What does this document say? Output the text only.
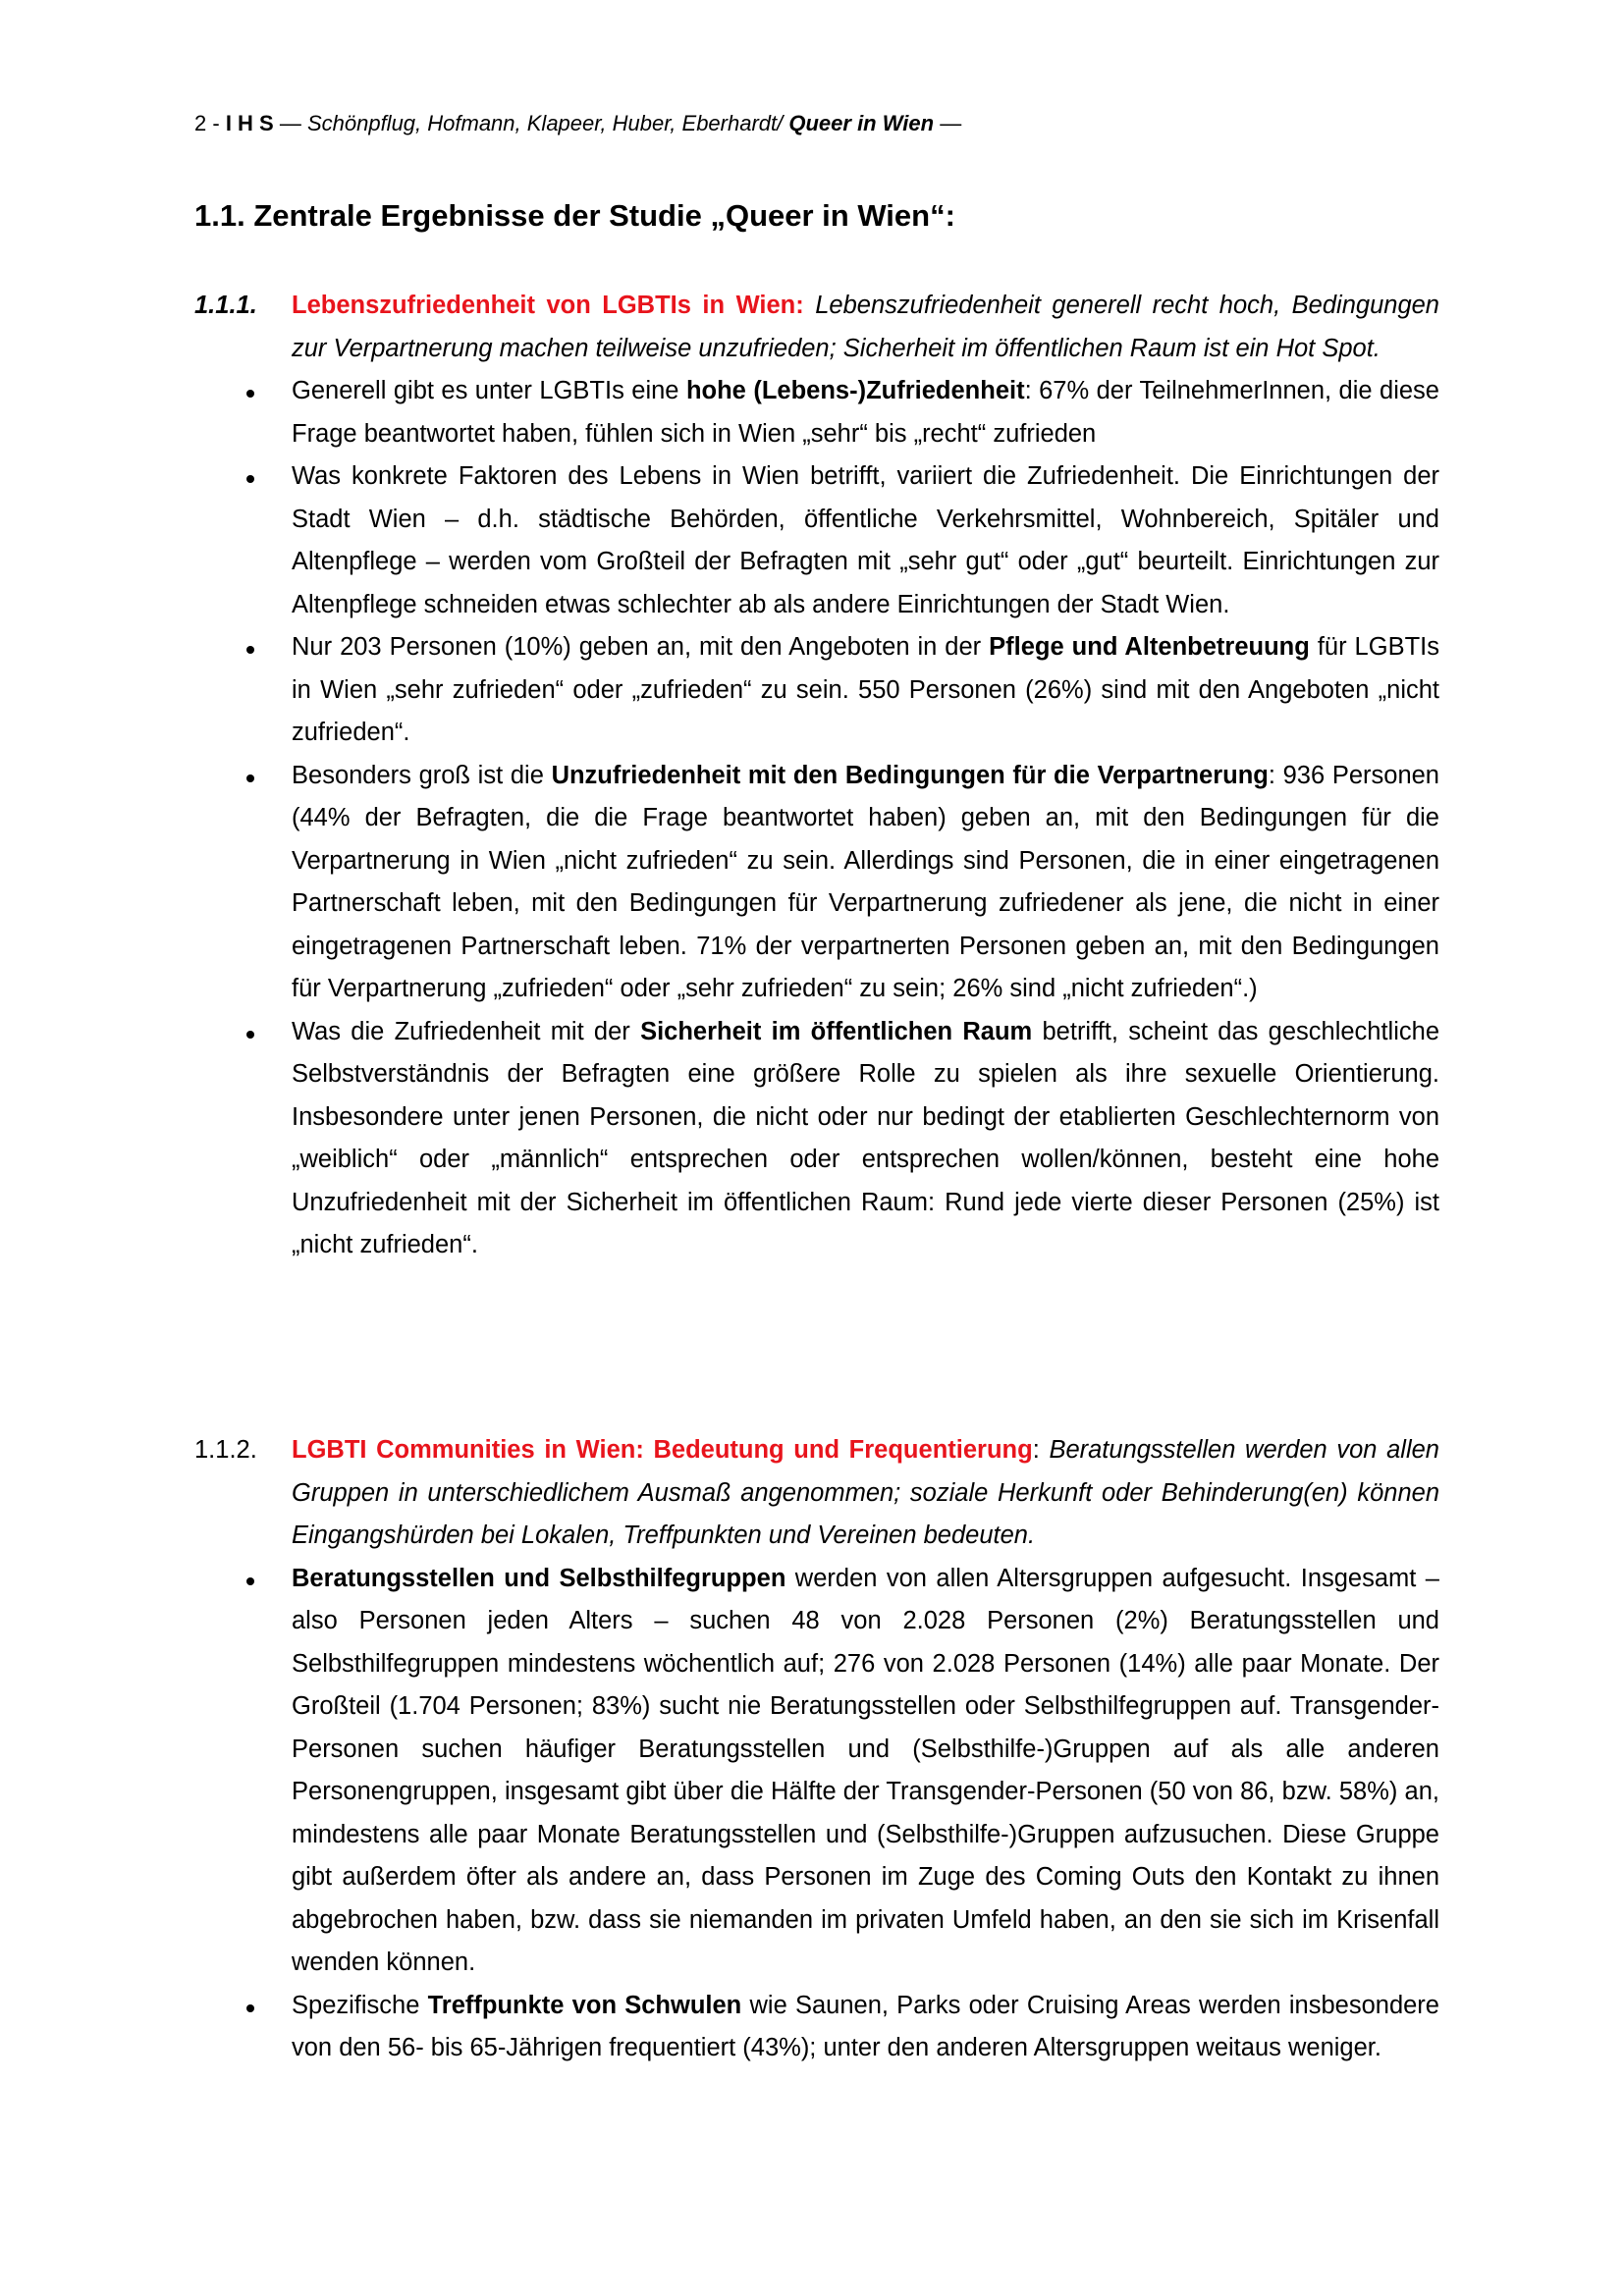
2 - I H S — Schönpflug, Hofmann, Klapeer, Huber, Eberhardt/ Queer in Wien —
1.1. Zentrale Ergebnisse der Studie „Queer in Wien“:
1.1.1. Lebenszufriedenheit von LGBTIs in Wien: Lebenszufriedenheit generell recht hoch, Bedingungen zur Verpartnerung machen teilweise unzufrieden; Sicherheit im öffentlichen Raum ist ein Hot Spot.
Generell gibt es unter LGBTIs eine hohe (Lebens-)Zufriedenheit: 67% der TeilnehmerInnen, die diese Frage beantwortet haben, fühlen sich in Wien „sehr“ bis „recht“ zufrieden
Was konkrete Faktoren des Lebens in Wien betrifft, variiert die Zufriedenheit. Die Einrichtungen der Stadt Wien – d.h. städtische Behörden, öffentliche Verkehrsmittel, Wohnbereich, Spitäler und Altenpflege – werden vom Großteil der Befragten mit „sehr gut“ oder „gut“ beurteilt. Einrichtungen zur Altenpflege schneiden etwas schlechter ab als andere Einrichtungen der Stadt Wien.
Nur 203 Personen (10%) geben an, mit den Angeboten in der Pflege und Altenbetreuung für LGBTIs in Wien „sehr zufrieden“ oder „zufrieden“ zu sein. 550 Personen (26%) sind mit den Angeboten „nicht zufrieden“.
Besonders groß ist die Unzufriedenheit mit den Bedingungen für die Verpartnerung: 936 Personen (44% der Befragten, die die Frage beantwortet haben) geben an, mit den Bedingungen für die Verpartnerung in Wien „nicht zufrieden“ zu sein. Allerdings sind Personen, die in einer eingetragenen Partnerschaft leben, mit den Bedingungen für Verpartnerung zufriedener als jene, die nicht in einer eingetragenen Partnerschaft leben. 71% der verpartnerten Personen geben an, mit den Bedingungen für Verpartnerung „zufrieden“ oder „sehr zufrieden“ zu sein; 26% sind „nicht zufrieden“.)
Was die Zufriedenheit mit der Sicherheit im öffentlichen Raum betrifft, scheint das geschlechtliche Selbstverständnis der Befragten eine größere Rolle zu spielen als ihre sexuelle Orientierung. Insbesondere unter jenen Personen, die nicht oder nur bedingt der etablierten Geschlechternorm von „weiblich“ oder „männlich“ entsprechen oder entsprechen wollen/können, besteht eine hohe Unzufriedenheit mit der Sicherheit im öffentlichen Raum: Rund jede vierte dieser Personen (25%) ist „nicht zufrieden“.
1.1.2. LGBTI Communities in Wien: Bedeutung und Frequentierung: Beratungsstellen werden von allen Gruppen in unterschiedlichem Ausmaß angenommen; soziale Herkunft oder Behinderung(en) können Eingangshürden bei Lokalen, Treffpunkten und Vereinen bedeuten.
Beratungsstellen und Selbsthilfegruppen werden von allen Altersgruppen aufgesucht. Insgesamt – also Personen jeden Alters – suchen 48 von 2.028 Personen (2%) Beratungsstellen und Selbsthilfegruppen mindestens wöchentlich auf; 276 von 2.028 Personen (14%) alle paar Monate. Der Großteil (1.704 Personen; 83%) sucht nie Beratungsstellen oder Selbsthilfegruppen auf. Transgender-Personen suchen häufiger Beratungsstellen und (Selbsthilfe-)Gruppen auf als alle anderen Personengruppen, insgesamt gibt über die Hälfte der Transgender-Personen (50 von 86, bzw. 58%) an, mindestens alle paar Monate Beratungsstellen und (Selbsthilfe-)Gruppen aufzusuchen. Diese Gruppe gibt außerdem öfter als andere an, dass Personen im Zuge des Coming Outs den Kontakt zu ihnen abgebrochen haben, bzw. dass sie niemanden im privaten Umfeld haben, an den sie sich im Krisenfall wenden können.
Spezifische Treffpunkte von Schwulen wie Saunen, Parks oder Cruising Areas werden insbesondere von den 56- bis 65-Jährigen frequentiert (43%); unter den anderen Altersgruppen weitaus weniger.
